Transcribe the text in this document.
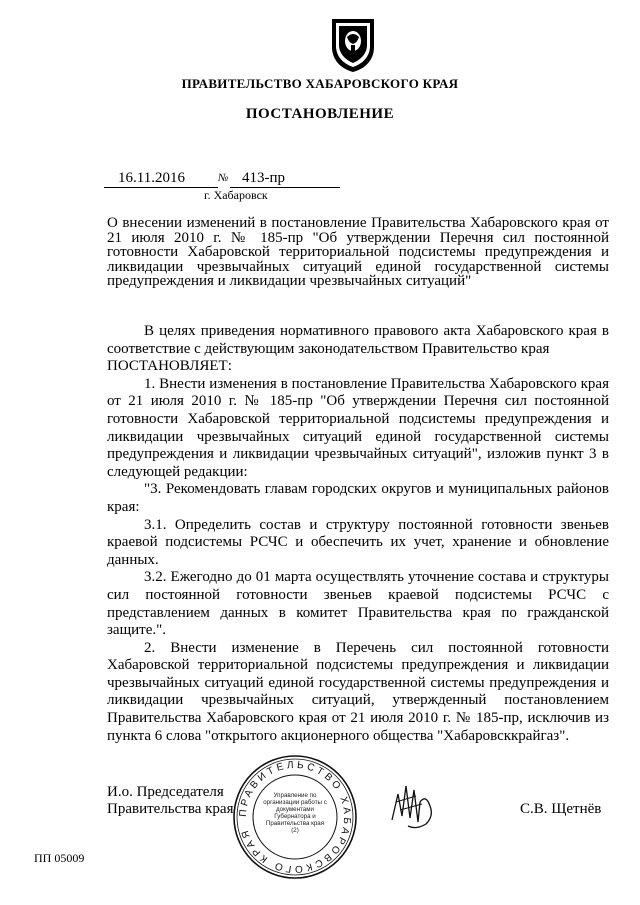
ПРАВИТЕЛЬСТВО ХАБАРОВСКОГО КРАЯ
ПОСТАНОВЛЕНИЕ
16.11.2016	№ 413-пр
г. Хабаровск
О внесении изменений в постановление Правительства Хабаровского края от 21 июля 2010 г. № 185-пр "Об утверждении Перечня сил постоянной готовности Хабаровской территориальной подсистемы предупреждения и ликвидации чрезвычайных ситуаций единой государственной системы предупреждения и ликвидации чрезвычайных ситуаций"

В целях приведения нормативного правового акта Хабаровского края в соответствие с действующим законодательством Правительство края

ПОСТАНОВЛЯЕТ:

1. Внести изменения в постановление Правительства Хабаровского края от 21 июля 2010 г. № 185-пр "Об утверждении Перечня сил постоянной готовности Хабаровской территориальной подсистемы предупреждения и ликвидации чрезвычайных ситуаций единой государственной системы предупреждения и ликвидации чрезвычайных ситуаций", изложив пункт 3 в следующей редакции:

"3. Рекомендовать главам городских округов и муниципальных районов края:

3.1. Определить состав и структуру постоянной готовности звеньев краевой подсистемы РСЧС и обеспечить их учет, хранение и обновление данных.

3.2. Ежегодно до 01 марта осуществлять уточнение состава и структуры сил постоянной готовности звеньев краевой подсистемы РСЧС с представлением данных в комитет Правительства края по гражданской защите.".

2. Внести изменение в Перечень сил постоянной готовности Хабаровской территориальной подсистемы предупреждения и ликвидации чрезвычайных ситуаций единой государственной системы предупреждения и ликвидации чрезвычайных ситуаций, утвержденный постановлением Правительства Хабаровского края от 21 июля 2010 г. № 185-пр, исключив из пункта 6 слова "открытого акционерного общества "Хабаровсккрайгаз".

И.о. Председателя
Правительства края	С.В. Щетнёв
ПРАВИТЕЛЬСТВО ХАБАРОВСКОГО КРАЯ
Управление по организации работы с документами Губернатора и Правительства края (2)
ПП 05009
